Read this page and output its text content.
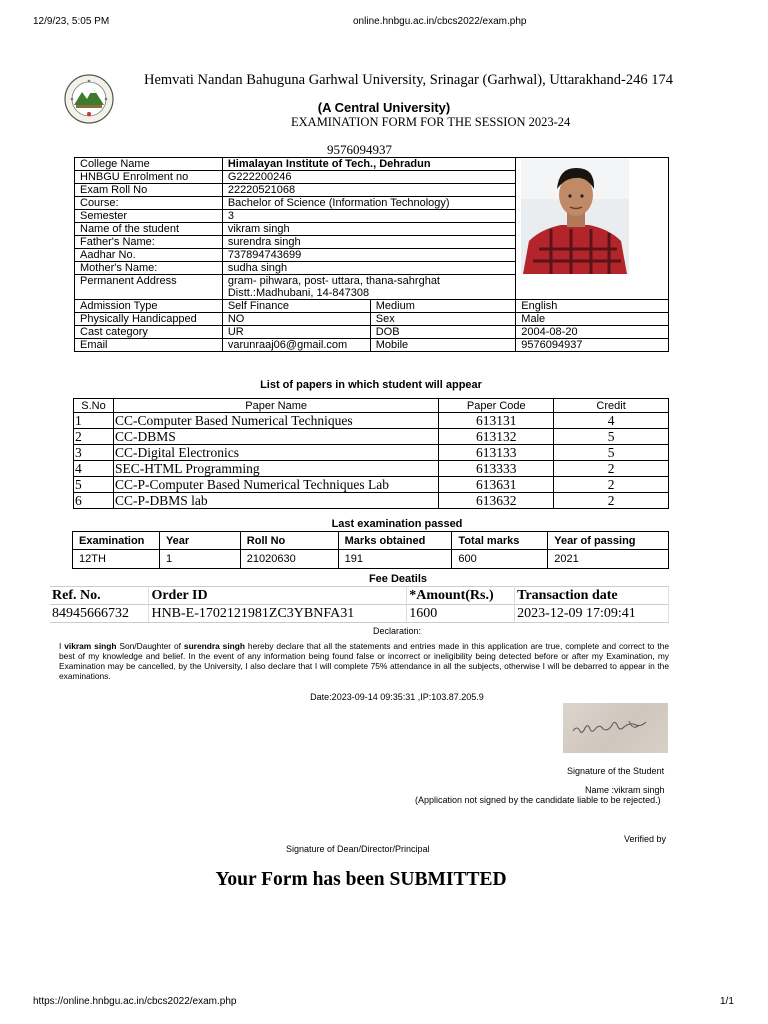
12/9/23, 5:05 PM	online.hnbgu.ac.in/cbcs2022/exam.php
Hemvati Nandan Bahuguna Garhwal University, Srinagar (Garhwal), Uttarakhand-246 174
(A Central University)
EXAMINATION FORM FOR THE SESSION 2023-24
9576094937
College Name	Himalayan Institute of Tech., Dehradun	

HNBGU Enrolment no	G222200246		
Exam Roll No	22220521068		
Course:	Bachelor of Science (Information Technology)		
Semester	3		
Name of the student	vikram singh		
Father's Name:	surendra singh		
Aadhar No.	737894743699		
Mother's Name:	sudha singh		
Permanent Address	gram- pihwara, post- uttara, thana-sahrghat
Distt.:Madhubani, 14-847308		

Admission Type	Self Finance	Medium	English
Physically Handicapped	NO	Sex	Male
Cast category	UR	DOB	2004-08-20
Email	varunraaj06@gmail.com	Mobile	9576094937
List of papers in which student will appear
S.No	Paper Name	Paper Code	Credit
1	CC-Computer Based Numerical Techniques	613131	4
2	CC-DBMS	613132	5
3	CC-Digital Electronics	613133	5
4	SEC-HTML Programming	613333	2
5	CC-P-Computer Based Numerical Techniques Lab	613631	2
6	CC-P-DBMS lab	613632	2
Last examination passed
Examination	Year	Roll No	Marks obtained	Total marks	Year of passing
12TH	1	21020630	191	600	2021
Fee Deatils
Ref. No.	Order ID	*Amount(Rs.)	Transaction date
84945666732	HNB-E-1702121981ZC3YBNFA31	1600	2023-12-09 17:09:41
Declaration:
I vikram singh Son/Daughter of surendra singh hereby declare that all the statements and entries made in this application are true, complete and correct to the best of my knowledge and belief. In the event of any information being found false or incorrect or ineligibility being detected before or after my Examination, my Examination may be cancelled, by the University, I also declare that I will complete 75% attendance in all the subjects, otherwise I will be debarred to appear in the examinations.
Date:2023-09-14 09:35:31 ,IP:103.87.205.9
Signature of the Student
Name :vikram singh
(Application not signed by the candidate liable to be rejected.)
Verified by
Signature of Dean/Director/Principal
Your Form has been SUBMITTED
https://online.hnbgu.ac.in/cbcs2022/exam.php	1/1
